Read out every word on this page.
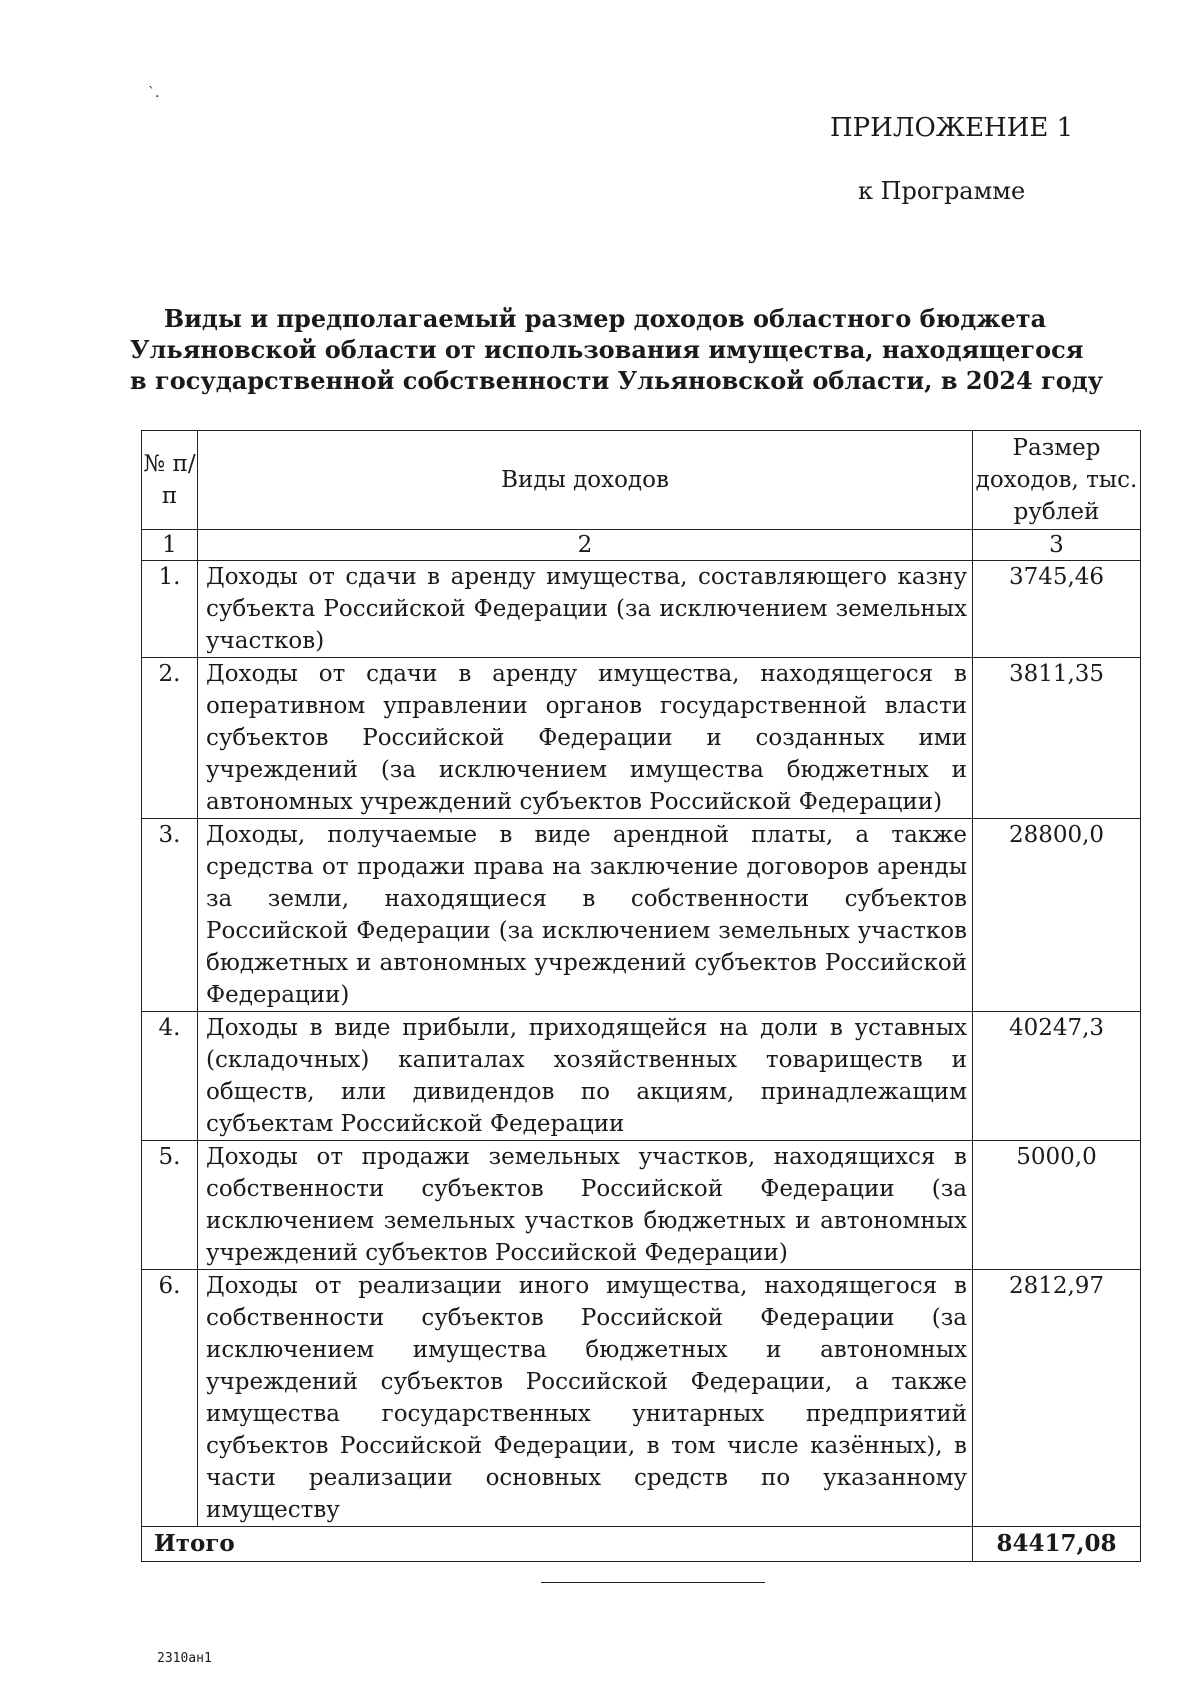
`.
ПРИЛОЖЕНИЕ 1
к Программе
Виды и предполагаемый размер доходов областного бюджета
Ульяновской области от использования имущества, находящегося
в государственной собственности Ульяновской области, в 2024 году
№ п/п	Виды доходов	Размер доходов, тыс. рублей
1	2	3
1.	Доходы от сдачи в аренду имущества, составляющего казну субъекта Российской Федерации (за исключением земельных участков)	3745,46
2.	Доходы от сдачи в аренду имущества, находящегося в оперативном управлении органов государственной власти субъектов Российской Федерации и созданных ими учреждений (за исключением имущества бюджетных и автономных учреждений субъектов Российской Федерации)	3811,35
3.	Доходы, получаемые в виде арендной платы, а также средства от продажи права на заключение договоров аренды за земли, находящиеся в собственности субъектов Российской Федерации (за исключением земельных участков бюджетных и автономных учреждений субъектов Российской Федерации)	28800,0
4.	Доходы в виде прибыли, приходящейся на доли в уставных (складочных) капиталах хозяйственных товариществ и обществ, или дивидендов по акциям, принадлежащим субъектам Российской Федерации	40247,3
5.	Доходы от продажи земельных участков, находящихся в собственности субъектов Российской Федерации (за исключением земельных участков бюджетных и автономных учреждений субъектов Российской Федерации)	5000,0
6.	Доходы от реализации иного имущества, находящегося в собственности субъектов Российской Федерации (за исключением имущества бюджетных и автономных учреждений субъектов Российской Федерации, а также имущества государственных унитарных предприятий субъектов Российской Федерации, в том числе казённых), в части реализации основных средств по указанному имуществу	2812,97
Итого		84417,08
2310ан1
